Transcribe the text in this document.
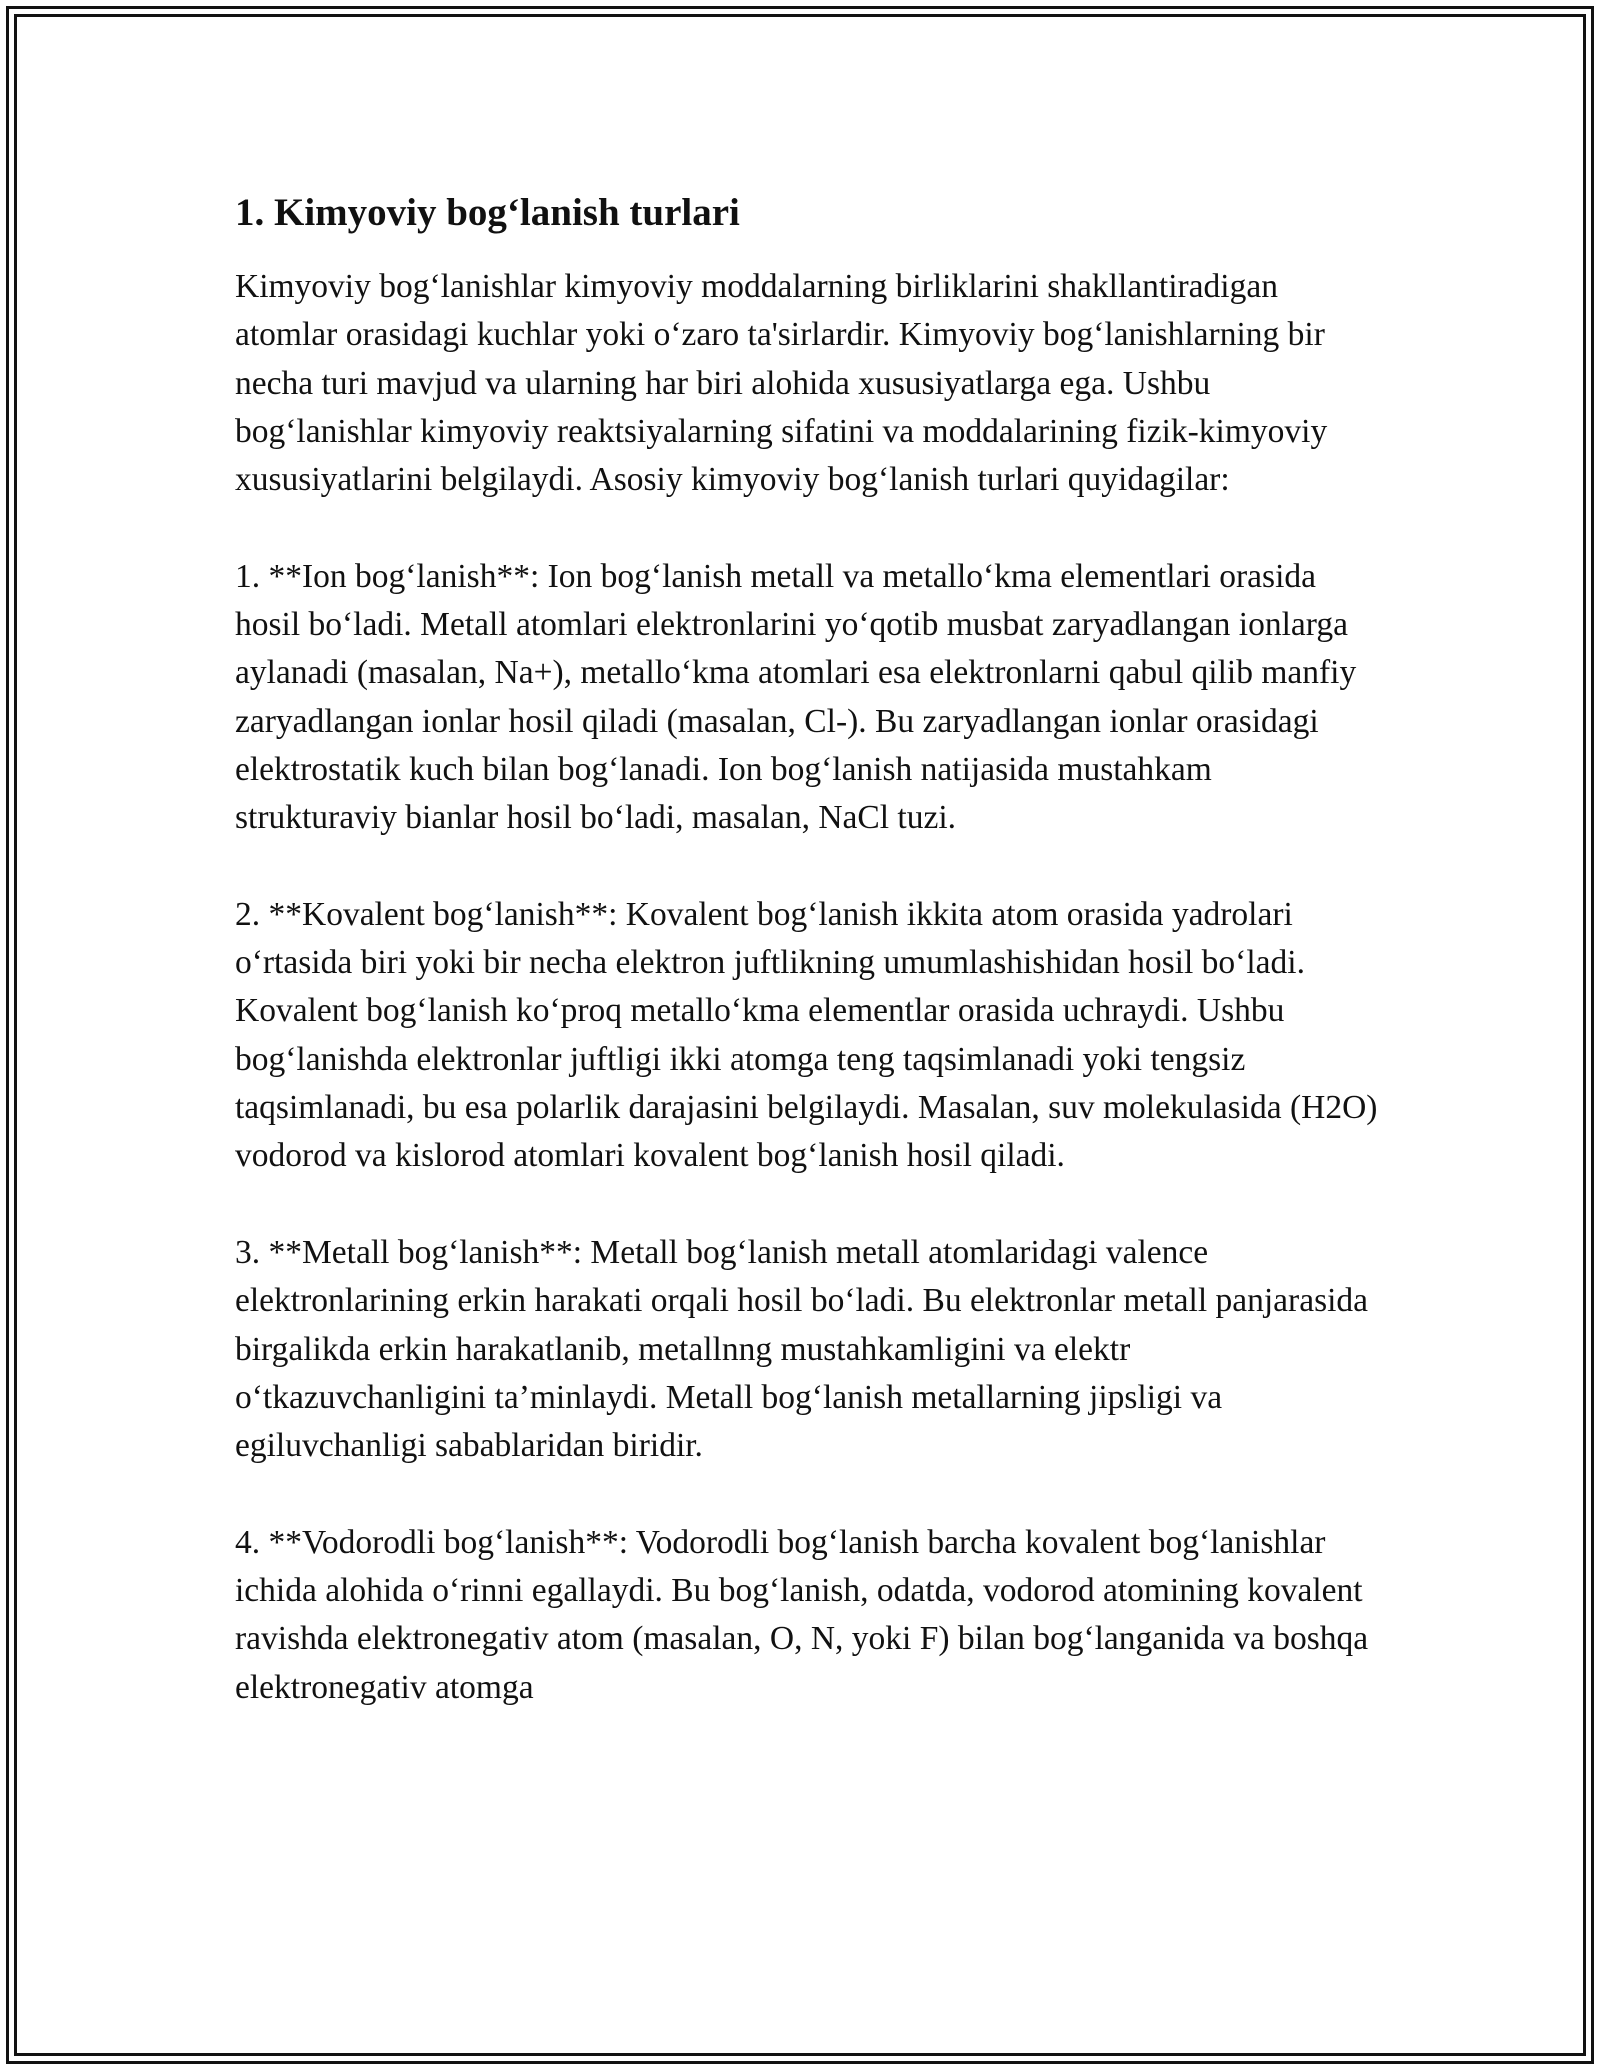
1. Kimyoviy bog‘lanish turlari

Kimyoviy bog‘lanishlar kimyoviy moddalarning birliklarini shakllantiradigan atomlar orasidagi kuchlar yoki o‘zaro ta'sirlardir. Kimyoviy bog‘lanishlarning bir necha turi mavjud va ularning har biri alohida xususiyatlarga ega. Ushbu bog‘lanishlar kimyoviy reaktsiyalarning sifatini va moddalarining fizik-kimyoviy xususiyatlarini belgilaydi. Asosiy kimyoviy bog‘lanish turlari quyidagilar:

1. **Ion bog‘lanish**: Ion bog‘lanish metall va metallo‘kma elementlari orasida hosil bo‘ladi. Metall atomlari elektronlarini yo‘qotib musbat zaryadlangan ionlarga aylanadi (masalan, Na+), metallo‘kma atomlari esa elektronlarni qabul qilib manfiy zaryadlangan ionlar hosil qiladi (masalan, Cl-). Bu zaryadlangan ionlar orasidagi elektrostatik kuch bilan bog‘lanadi. Ion bog‘lanish natijasida mustahkam strukturaviy bianlar hosil bo‘ladi, masalan, NaCl tuzi.

2. **Kovalent bog‘lanish**: Kovalent bog‘lanish ikkita atom orasida yadrolari o‘rtasida biri yoki bir necha elektron juftlikning umumlashishidan hosil bo‘ladi. Kovalent bog‘lanish ko‘proq metallo‘kma elementlar orasida uchraydi. Ushbu bog‘lanishda elektronlar juftligi ikki atomga teng taqsimlanadi yoki tengsiz taqsimlanadi, bu esa polarlik darajasini belgilaydi. Masalan, suv molekulasida (H2O) vodorod va kislorod atomlari kovalent bog‘lanish hosil qiladi.

3. **Metall bog‘lanish**: Metall bog‘lanish metall atomlaridagi valence elektronlarining erkin harakati orqali hosil bo‘ladi. Bu elektronlar metall panjarasida birgalikda erkin harakatlanib, metallnng mustahkamligini va elektr o‘tkazuvchanligini ta’minlaydi. Metall bog‘lanish metallarning jipsligi va egiluvchanligi sabablaridan biridir.

4. **Vodorodli bog‘lanish**: Vodorodli bog‘lanish barcha kovalent bog‘lanishlar ichida alohida o‘rinni egallaydi. Bu bog‘lanish, odatda, vodorod atomining kovalent ravishda elektronegativ atom (masalan, O, N, yoki F) bilan bog‘langanida va boshqa elektronegativ atomga
